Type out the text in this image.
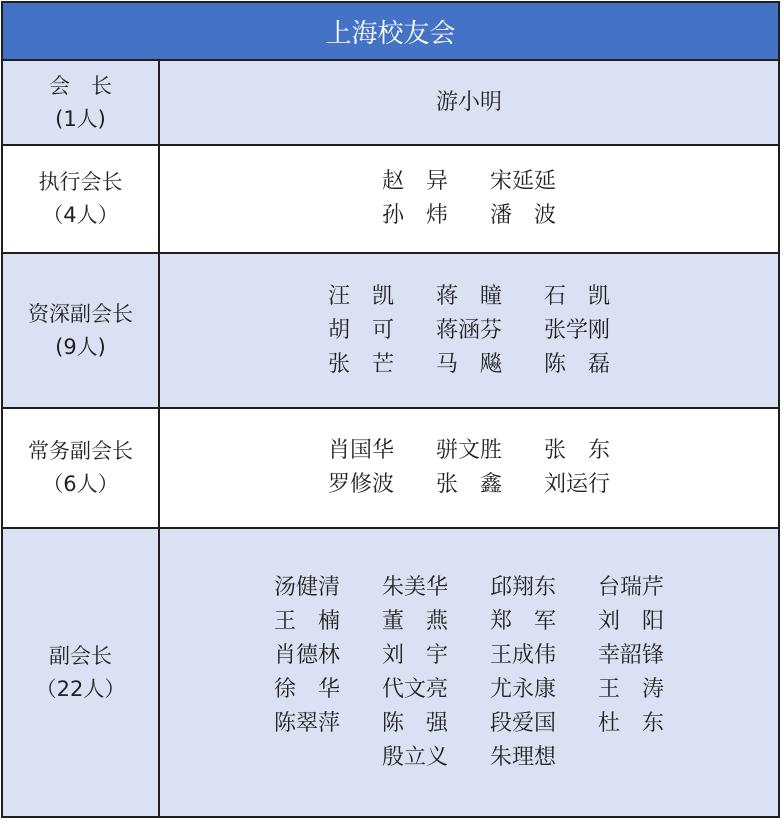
上海校友会
会　长
(1人)
游小明
执行会长
（4人）
赵　异 宋延延
孙　炜 潘　波
资深副会长
(9人)
汪　凯 蒋　瞳 石　凯
胡　可 蒋涵芬 张学刚
张　芒 马　飚 陈　磊
常务副会长
（6人）
肖国华 骈文胜 张　东
罗修波 张　鑫 刘运行
副会长
（22人）
汤健清 朱美华 邱翔东 台瑞芹
王　楠 董　燕 郑　军 刘　阳
肖德林 刘　宇 王成伟 幸韶锋
徐　华 代文亮 尤永康 王　涛
陈翠萍 陈　强 段爱国 杜　东
殷立义 朱理想
